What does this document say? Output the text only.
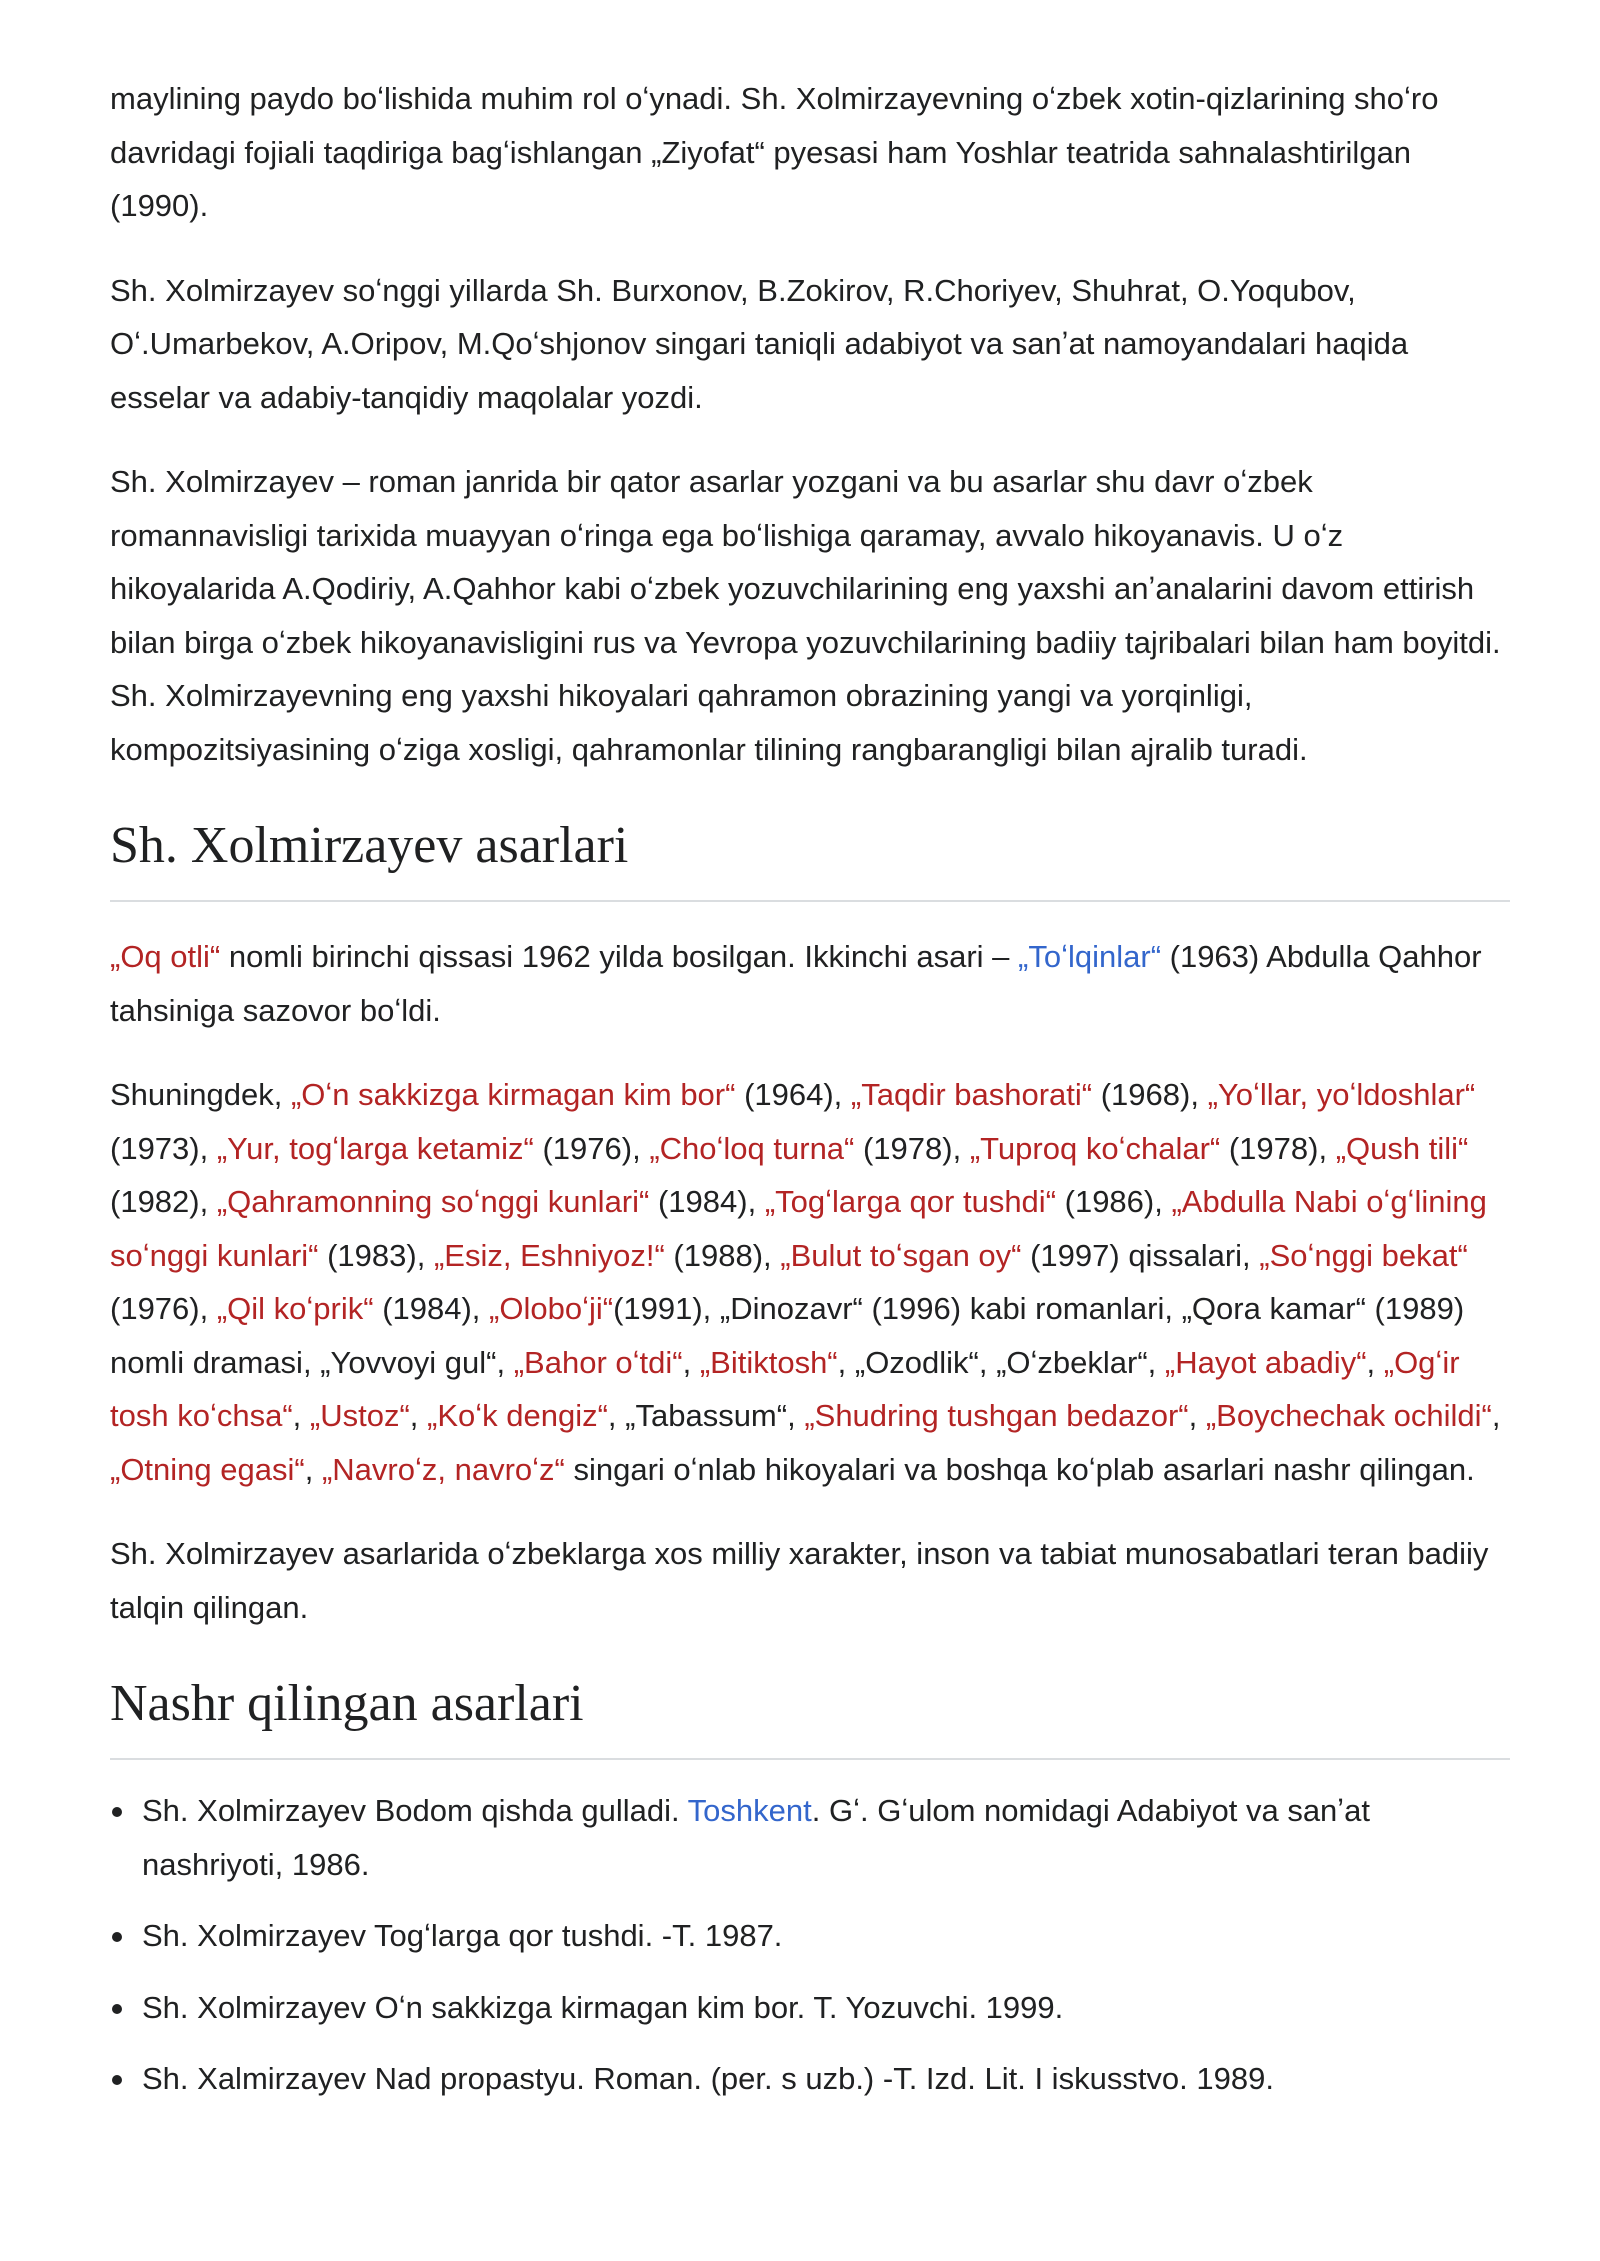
maylining paydo boʻlishida muhim rol oʻynadi. Sh. Xolmirzayevning oʻzbek xotin-qizlarining shoʻro davridagi fojiali taqdiriga bagʻishlangan „Ziyofat“ pyesasi ham Yoshlar teatrida sahnalashtirilgan (1990).

Sh. Xolmirzayev soʻnggi yillarda Sh. Burxonov, B.Zokirov, R.Choriyev, Shuhrat, O.Yoqubov, Oʻ.Umarbekov, A.Oripov, M.Qoʻshjonov singari taniqli adabiyot va sanʼat namoyandalari haqida esselar va adabiy-tanqidiy maqolalar yozdi.

Sh. Xolmirzayev – roman janrida bir qator asarlar yozgani va bu asarlar shu davr oʻzbek romannavisligi tarixida muayyan oʻringa ega boʻlishiga qaramay, avvalo hikoyanavis. U oʻz hikoyalarida A.Qodiriy, A.Qahhor kabi oʻzbek yozuvchilarining eng yaxshi anʼanalarini davom ettirish bilan birga oʻzbek hikoyanavisligini rus va Yevropa yozuvchilarining badiiy tajribalari bilan ham boyitdi. Sh. Xolmirzayevning eng yaxshi hikoyalari qahramon obrazining yangi va yorqinligi, kompozitsiyasining oʻziga xosligi, qahramonlar tilining rangbarangligi bilan ajralib turadi.

Sh. Xolmirzayev asarlari

„Oq otli“ nomli birinchi qissasi 1962 yilda bosilgan. Ikkinchi asari – „Toʻlqinlar“ (1963) Abdulla Qahhor tahsiniga sazovor boʻldi.

Shuningdek, „Oʻn sakkizga kirmagan kim bor“ (1964), „Taqdir bashorati“ (1968), „Yoʻllar, yoʻldoshlar“ (1973), „Yur, togʻlarga ketamiz“ (1976), „Choʻloq turna“ (1978), „Tuproq koʻchalar“ (1978), „Qush tili“ (1982), „Qahramonning soʻnggi kunlari“ (1984), „Togʻlarga qor tushdi“ (1986), „Abdulla Nabi oʻgʻlining soʻnggi kunlari“ (1983), „Esiz, Eshniyoz!“ (1988), „Bulut toʻsgan oy“ (1997) qissalari, „Soʻnggi bekat“ (1976), „Qil koʻprik“ (1984), „Oloboʻji“(1991), „Dinozavr“ (1996) kabi romanlari, „Qora kamar“ (1989) nomli dramasi, „Yovvoyi gul“, „Bahor oʻtdi“, „Bitiktosh“, „Ozodlik“, „Oʻzbeklar“, „Hayot abadiy“, „Ogʻir tosh koʻchsa“, „Ustoz“, „Koʻk dengiz“, „Tabassum“, „Shudring tushgan bedazor“, „Boychechak ochildi“, „Otning egasi“, „Navroʻz, navroʻz“ singari oʻnlab hikoyalari va boshqa koʻplab asarlari nashr qilingan.

Sh. Xolmirzayev asarlarida oʻzbeklarga xos milliy xarakter, inson va tabiat munosabatlari teran badiiy talqin qilingan.

Nashr qilingan asarlari
Sh. Xolmirzayev Bodom qishda gulladi. Toshkent. Gʻ. Gʻulom nomidagi Adabiyot va sanʼat nashriyoti, 1986.
Sh. Xolmirzayev Togʻlarga qor tushdi. -T. 1987.
Sh. Xolmirzayev Oʻn sakkizga kirmagan kim bor. T. Yozuvchi. 1999.
Sh. Xalmirzayev Nad propastyu. Roman. (per. s uzb.) -T. Izd. Lit. I iskusstvo. 1989.
